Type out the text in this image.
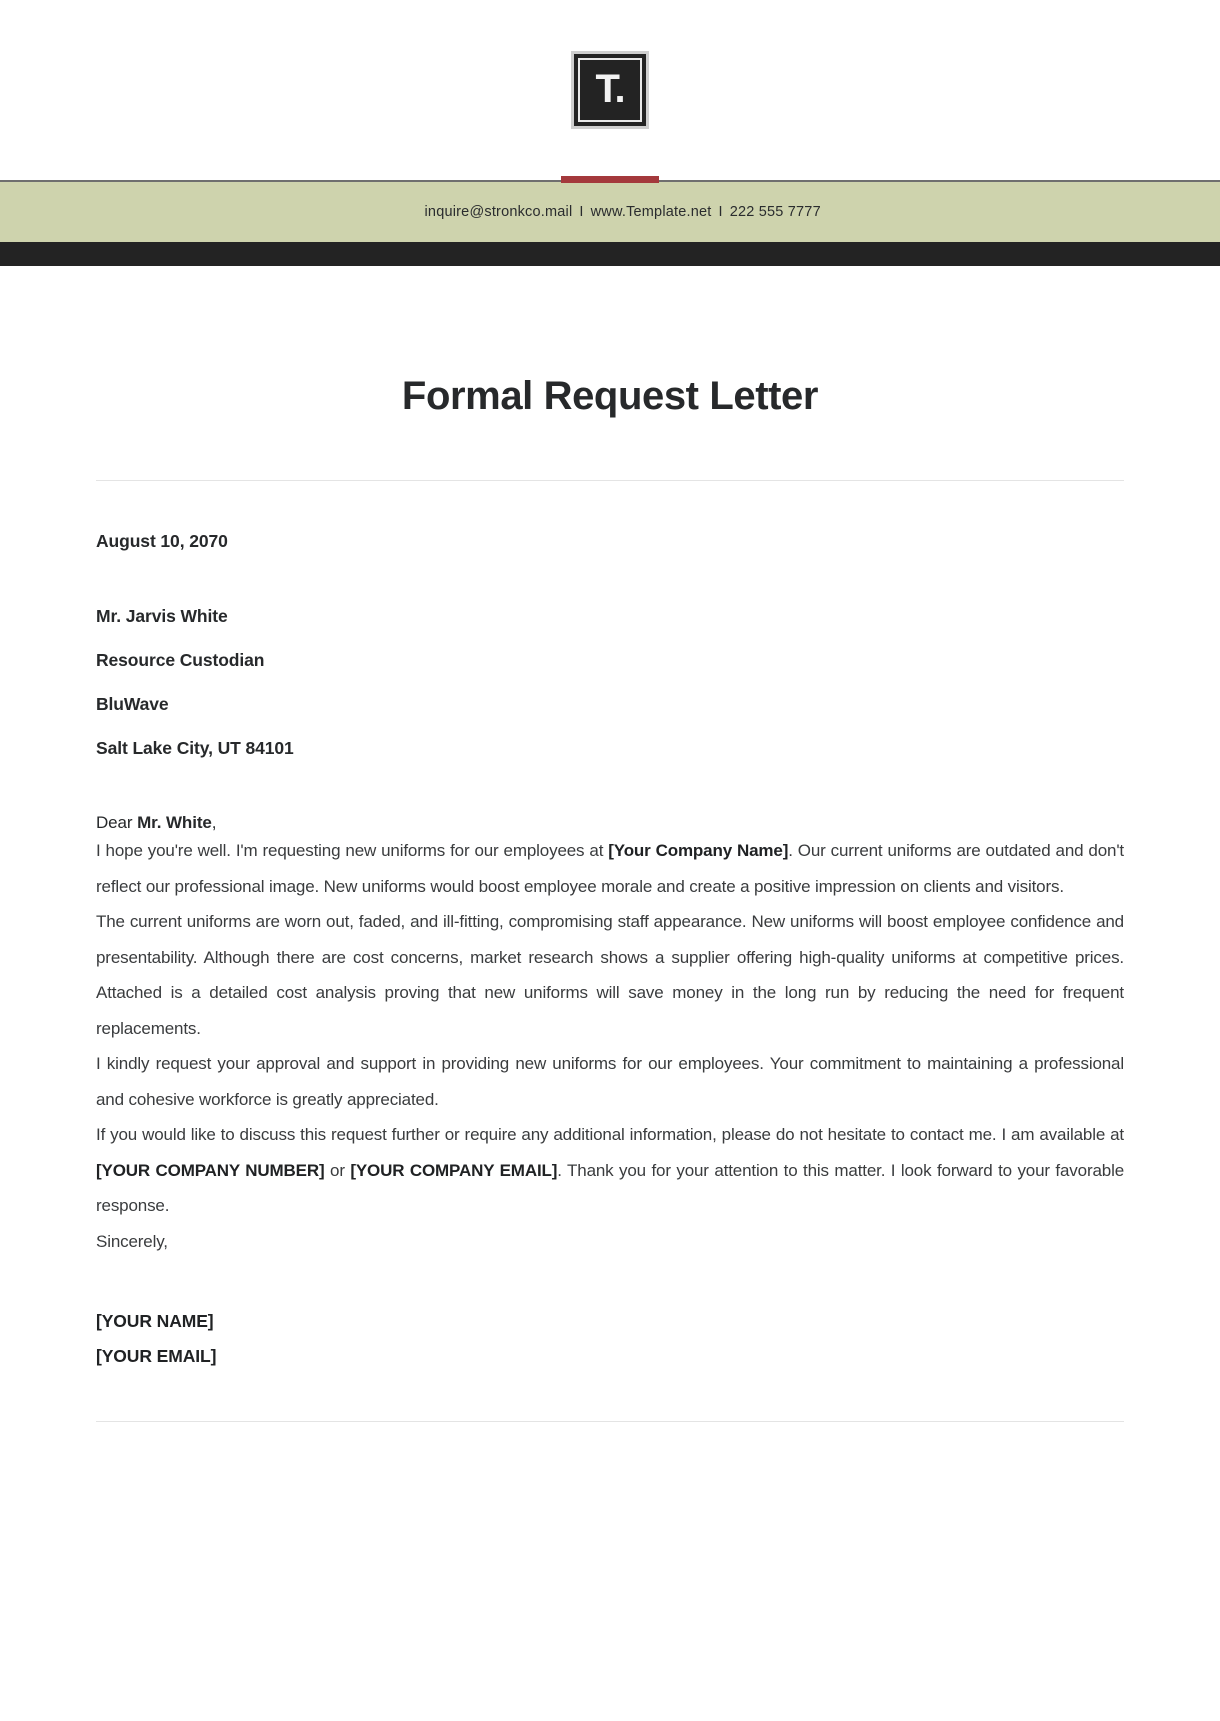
T.

inquire@stronkco.mail I www.Template.net I 222 555 7777

Formal Request Letter
August 10, 2070
Mr. Jarvis White
Resource Custodian
BluWave
Salt Lake City, UT 84101
Dear Mr. White,

I hope you're well. I'm requesting new uniforms for our employees at [Your Company Name]. Our current uniforms are outdated and don't reflect our professional image. New uniforms would boost employee morale and create a positive impression on clients and visitors.

The current uniforms are worn out, faded, and ill-fitting, compromising staff appearance. New uniforms will boost employee confidence and presentability. Although there are cost concerns, market research shows a supplier offering high-quality uniforms at competitive prices. Attached is a detailed cost analysis proving that new uniforms will save money in the long run by reducing the need for frequent replacements.

I kindly request your approval and support in providing new uniforms for our employees. Your commitment to maintaining a professional and cohesive workforce is greatly appreciated.

If you would like to discuss this request further or require any additional information, please do not hesitate to contact me. I am available at [YOUR COMPANY NUMBER] or [YOUR COMPANY EMAIL]. Thank you for your attention to this matter. I look forward to your favorable response.

Sincerely,
[YOUR NAME]
[YOUR EMAIL]
